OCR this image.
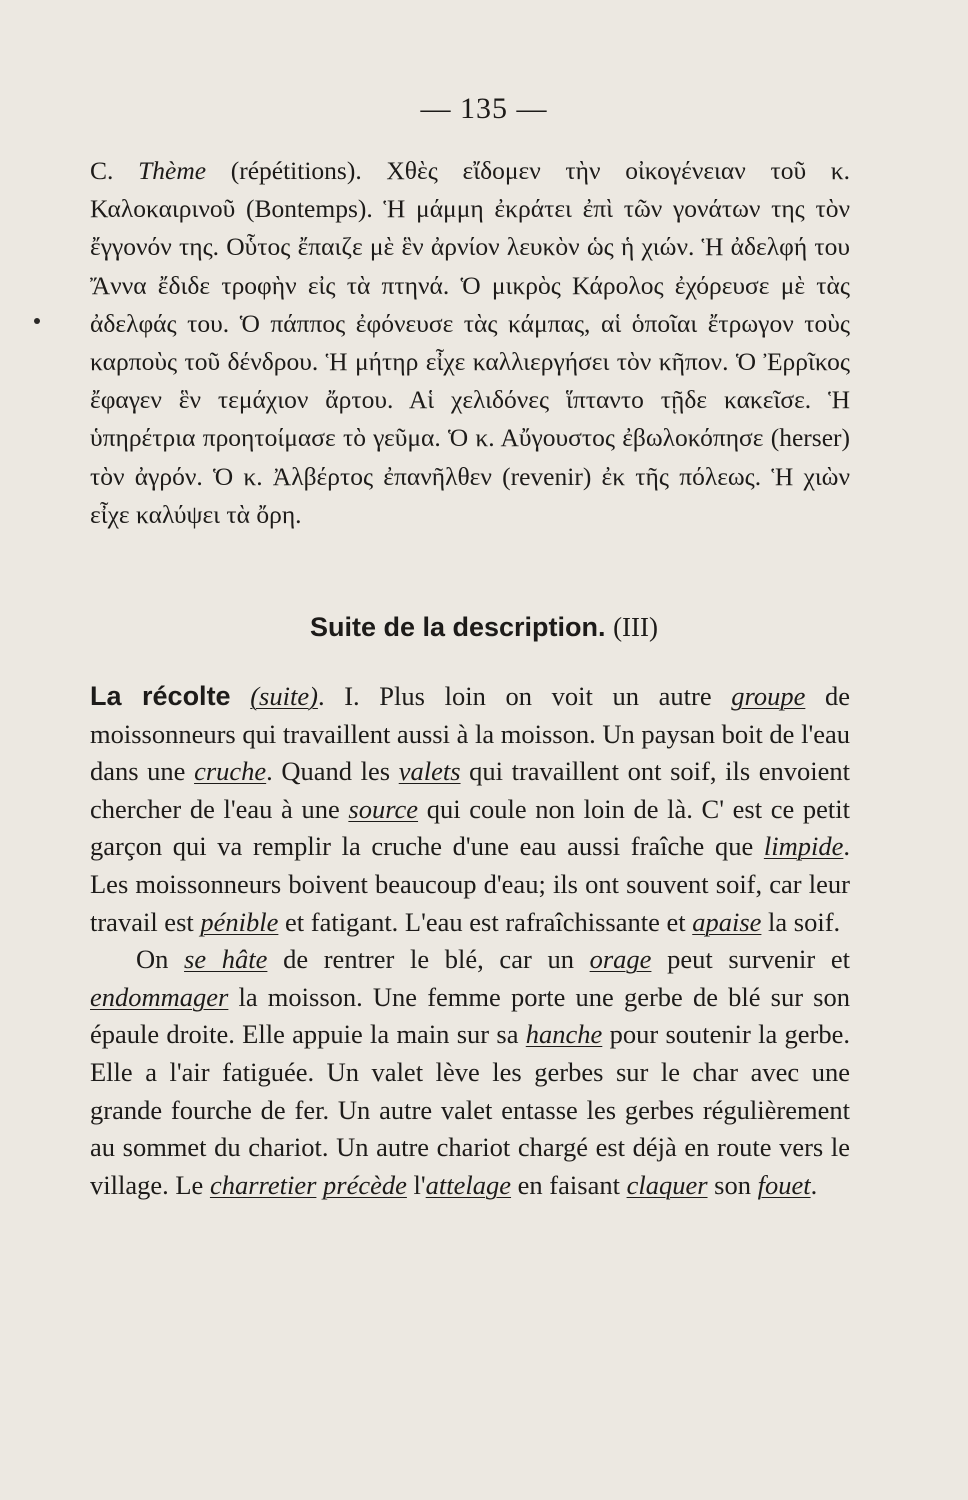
— 135 —
C. Thème (répétitions). Χθὲς εἴδομεν τὴν οἰκογένειαν τοῦ κ. Καλοκαιρινοῦ (Bontemps). Ἡ μάμμη ἐκράτει ἐπὶ τῶν γονάτων της τὸν ἔγγονόν της. Οὗτος ἔπαιζε μὲ ἓν ἀρνίον λευκὸν ὡς ἡ χιών. Ἡ ἀδελφή του Ἄννα ἔδιδε τροφὴν εἰς τὰ πτηνά. Ὁ μικρὸς Κάρολος ἐχόρευσε μὲ τὰς ἀδελφάς του. Ὁ πάππος ἐφόνευσε τὰς κάμπας, αἱ ὁποῖαι ἔτρωγον τοὺς καρποὺς τοῦ δένδρου. Ἡ μήτηρ εἶχε καλλιεργήσει τὸν κῆπον. Ὁ Ἐρρῖκος ἔφαγεν ἓν τεμάχιον ἄρτου. Αἱ χελιδόνες ἵπταντο τῇδε κακεῖσε. Ἡ ὑπηρέτρια προητοίμασε τὸ γεῦμα. Ὁ κ. Αὔγουστος ἐβωλοκόπησε (herser) τὸν ἀγρόν. Ὁ κ. Ἀλβέρτος ἐπανῆλθεν (revenir) ἐκ τῆς πόλεως. Ἡ χιὼν εἶχε καλύψει τὰ ὄρη.
Suite de la description. (III)

La récolte (suite). I. Plus loin on voit un autre groupe de moissonneurs qui travaillent aussi à la moisson. Un paysan boit de l'eau dans une cruche. Quand les valets qui travaillent ont soif, ils envoient chercher de l'eau à une source qui coule non loin de là. C' est ce petit garçon qui va remplir la cruche d'une eau aussi fraîche que limpide. Les moissonneurs boivent beaucoup d'eau; ils ont souvent soif, car leur travail est pénible et fatigant. L'eau est rafraîchissante et apaise la soif.

On se hâte de rentrer le blé, car un orage peut survenir et endommager la moisson. Une femme porte une gerbe de blé sur son épaule droite. Elle appuie la main sur sa hanche pour soutenir la gerbe. Elle a l'air fatiguée. Un valet lève les gerbes sur le char avec une grande fourche de fer. Un autre valet entasse les gerbes régulièrement au sommet du chariot. Un autre chariot chargé est déjà en route vers le village. Le charretier précède l'attelage en faisant claquer son fouet.
